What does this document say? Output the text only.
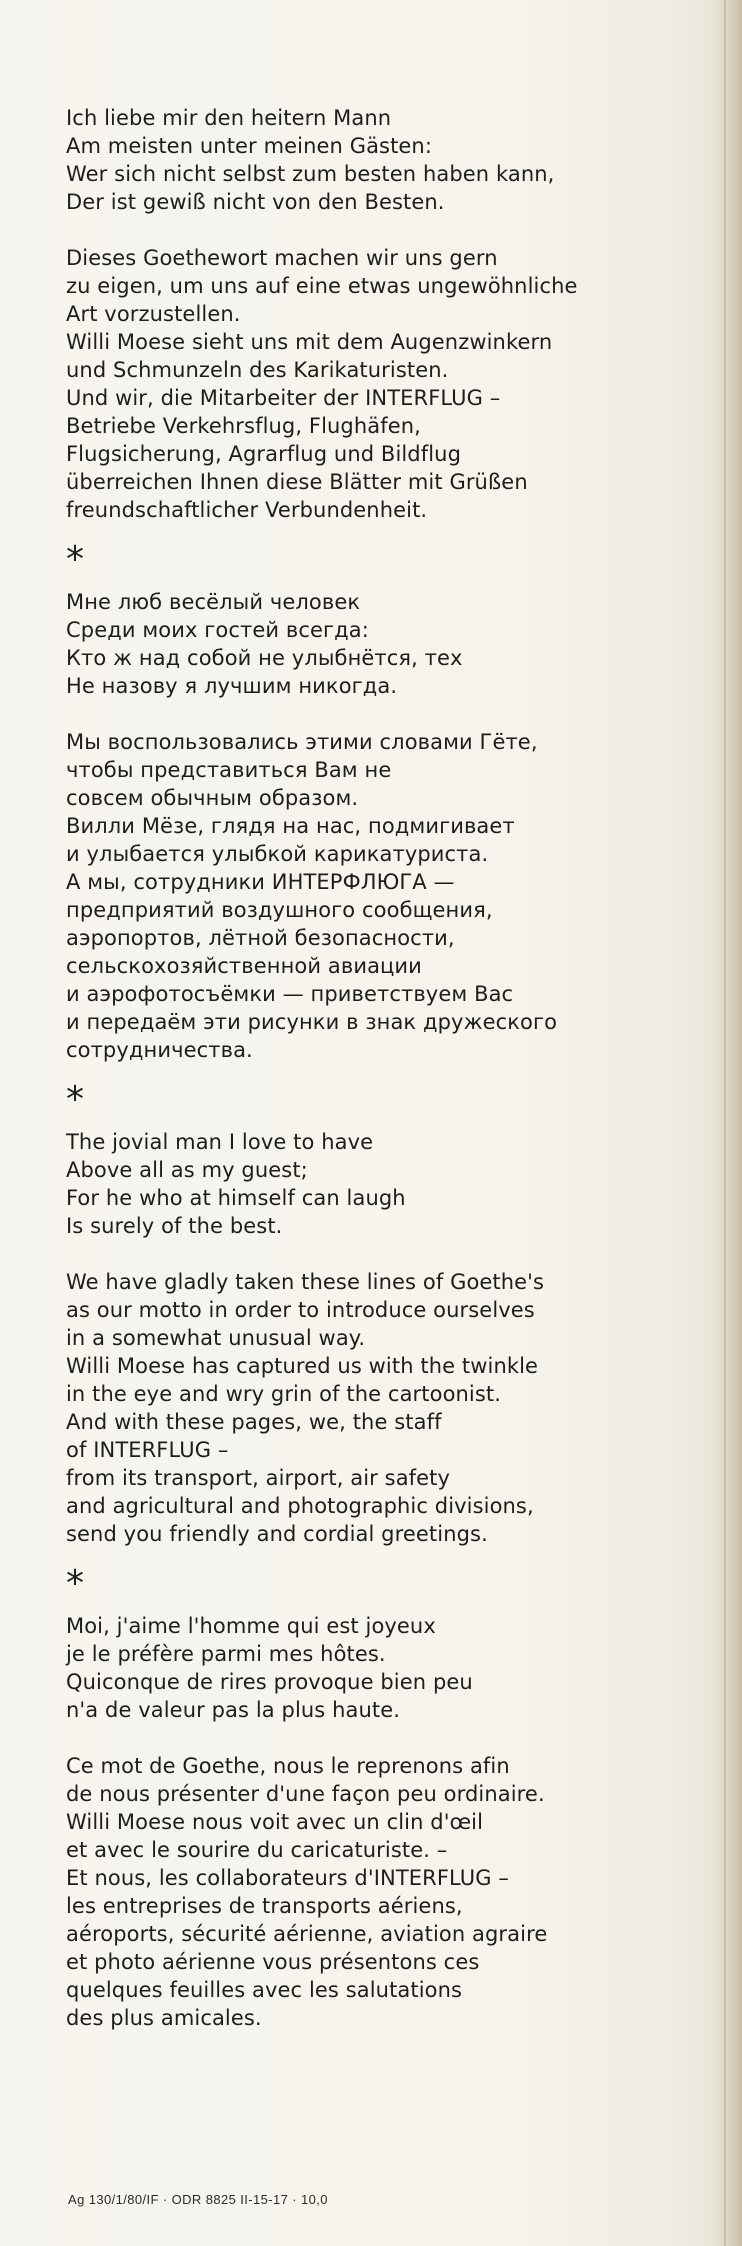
Ich liebe mir den heitern Mann
Am meisten unter meinen Gästen:
Wer sich nicht selbst zum besten haben kann,
Der ist gewiß nicht von den Besten.
Dieses Goethewort machen wir uns gern
zu eigen, um uns auf eine etwas ungewöhnliche
Art vorzustellen.
Willi Moese sieht uns mit dem Augenzwinkern
und Schmunzeln des Karikaturisten.
Und wir, die Mitarbeiter der INTERFLUG –
Betriebe Verkehrsflug, Flughäfen,
Flugsicherung, Agrarflug und Bildflug
überreichen Ihnen diese Blätter mit Grüßen
freundschaftlicher Verbundenheit.
*
Мне люб весёлый человек
Среди моих гостей всегда:
Кто ж над собой не улыбнётся, тех
Не назову я лучшим никогда.
Мы воспользовались этими словами Гёте,
чтобы представиться Вам не
совсем обычным образом.
Вилли Мёзе, глядя на нас, подмигивает
и улыбается улыбкой карикатуриста.
А мы, сотрудники ИНТЕРФЛЮГА —
предприятий воздушного сообщения,
аэропортов, лётной безопасности,
сельскохозяйственной авиации
и аэрофотосъёмки — приветствуем Вас
и передаём эти рисунки в знак дружеского
сотрудничества.
*
The jovial man I love to have
Above all as my guest;
For he who at himself can laugh
Is surely of the best.
We have gladly taken these lines of Goethe's
as our motto in order to introduce ourselves
in a somewhat unusual way.
Willi Moese has captured us with the twinkle
in the eye and wry grin of the cartoonist.
And with these pages, we, the staff
of INTERFLUG –
from its transport, airport, air safety
and agricultural and photographic divisions,
send you friendly and cordial greetings.
*
Moi, j'aime l'homme qui est joyeux
je le préfère parmi mes hôtes.
Quiconque de rires provoque bien peu
n'a de valeur pas la plus haute.
Ce mot de Goethe, nous le reprenons afin
de nous présenter d'une façon peu ordinaire.
Willi Moese nous voit avec un clin d'œil
et avec le sourire du caricaturiste. –
Et nous, les collaborateurs d'INTERFLUG –
les entreprises de transports aériens,
aéroports, sécurité aérienne, aviation agraire
et photo aérienne vous présentons ces
quelques feuilles avec les salutations
des plus amicales.
Ag 130/1/80/IF · ODR 8825 II-15-17 · 10,0
